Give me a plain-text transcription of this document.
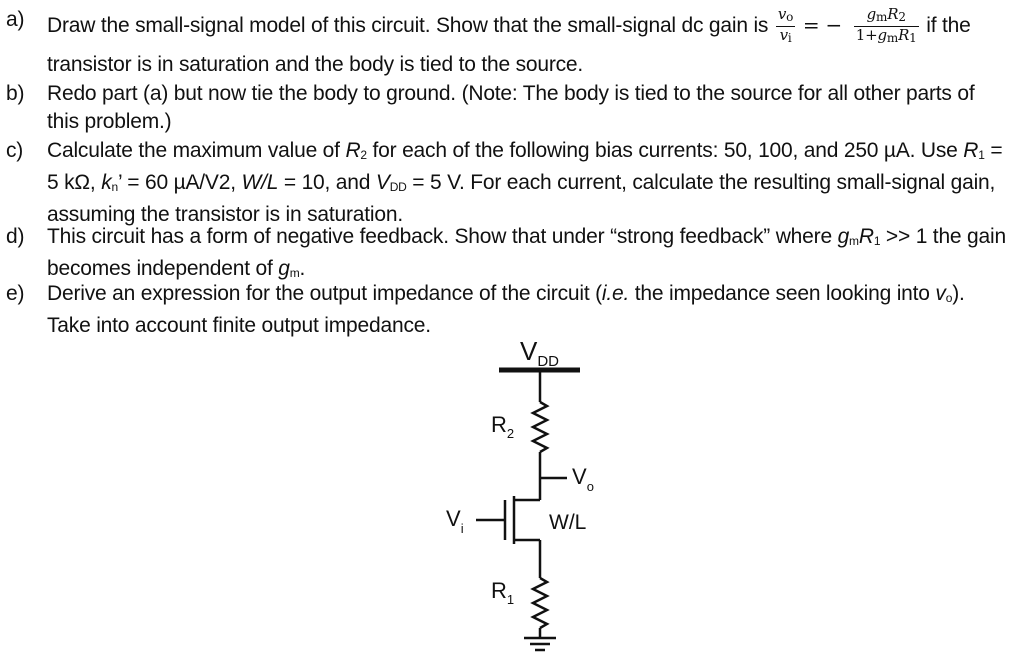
a)	Draw the small-signal model of this circuit. Show that the small-signal dc gain is $\frac{v_o}{v_i}$ = − $\frac{g_mR_2}{1+g_mR_1}$ if the
transistor is in saturation and the body is tied to the source.
b)	Redo part (a) but now tie the body to ground. (Note: The body is tied to the source for all other parts of this problem.)
c)	Calculate the maximum value of $R_2$ for each of the following bias currents: 50, 100, and 250 µA. Use $R_1 = 5$ kΩ, $k_n$’ = 60 µA/V2, W/L = 10, and $V_{DD} = 5$ V. For each current, calculate the resulting small-signal gain, assuming the transistor is in saturation.
d)	This circuit has a form of negative feedback. Show that under “strong feedback” where $g_mR_1 >> 1$ the gain becomes independent of $g_m$.
e)	Derive an expression for the output impedance of the circuit (i.e. the impedance seen looking into $v_o$).
Take into account finite output impedance.
$V_{DD}$
$R_2$
$V_o$
$V_i$	W/L
$R_1$
